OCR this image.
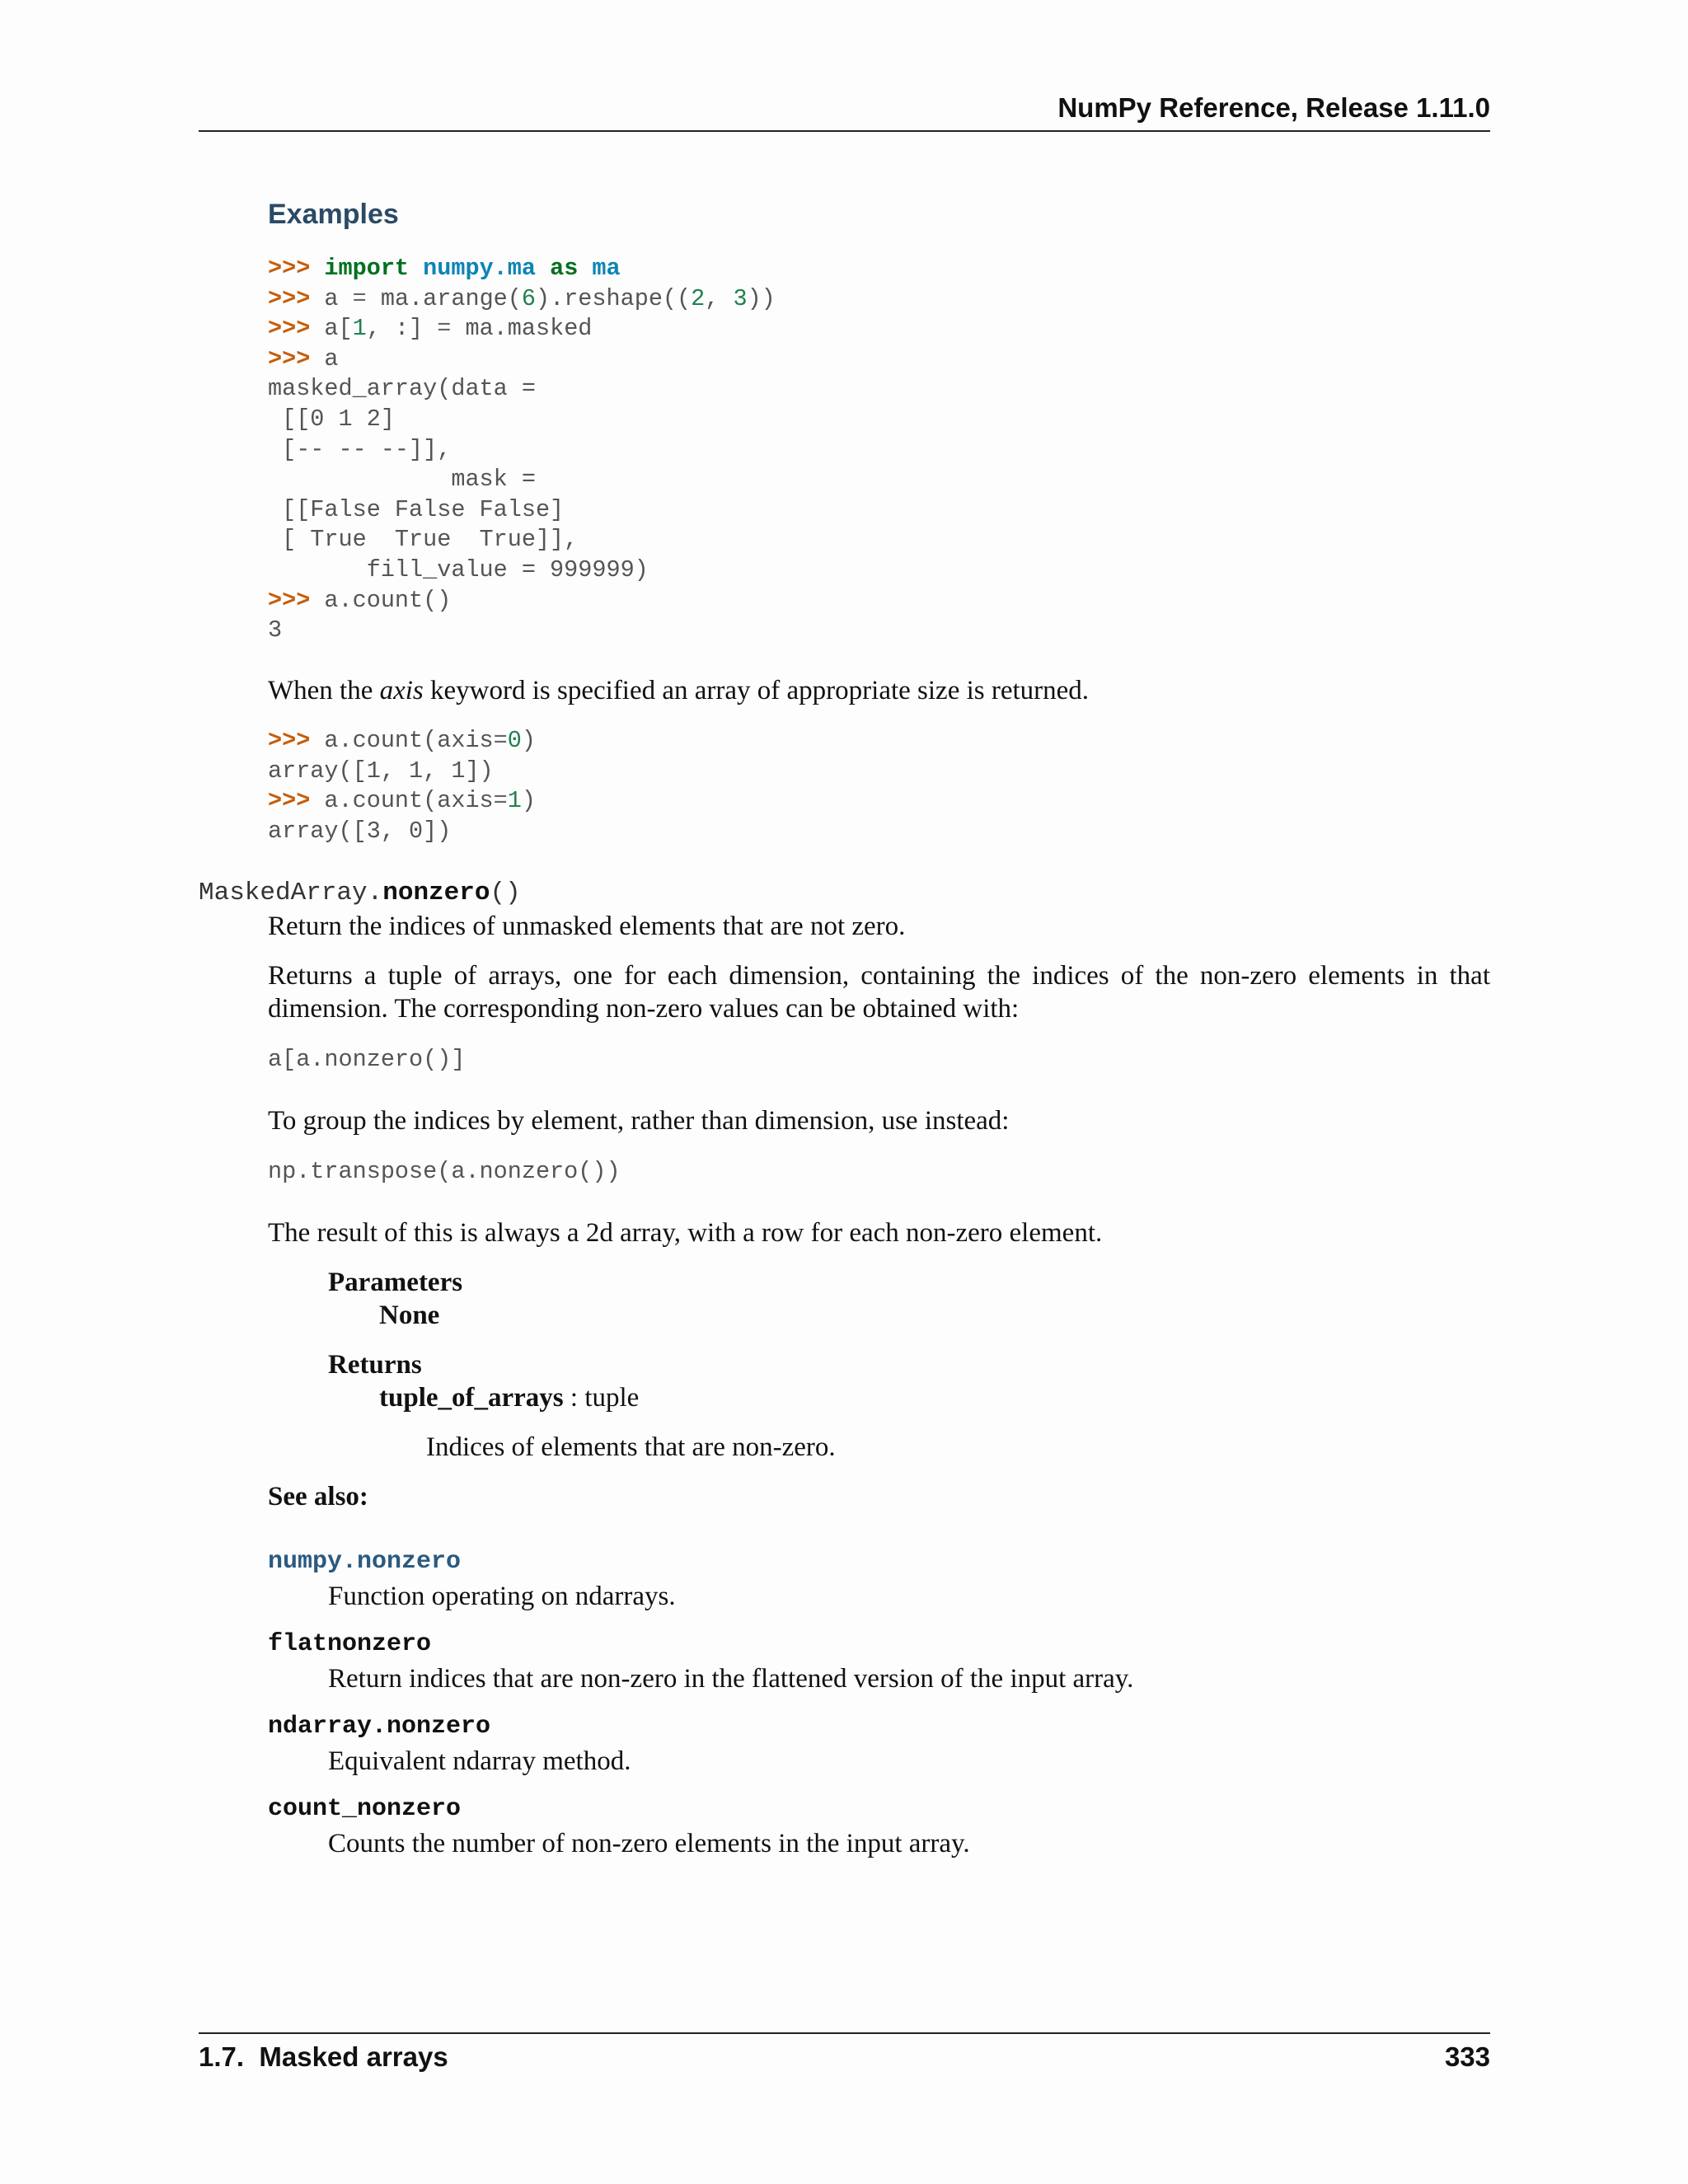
NumPy Reference, Release 1.11.0
Examples
>>> import numpy.ma as ma
>>> a = ma.arange(6).reshape((2, 3))
>>> a[1, :] = ma.masked
>>> a
masked_array(data =
[[0 1 2]
[-- -- --]],
mask =
[[False False False]
[ True  True  True]],
fill_value = 999999)
>>> a.count()
3
When the axis keyword is specified an array of appropriate size is returned.
>>> a.count(axis=0)
array([1, 1, 1])
>>> a.count(axis=1)
array([3, 0])
MaskedArray.nonzero()
Return the indices of unmasked elements that are not zero.
Returns a tuple of arrays, one for each dimension, containing the indices of the non-zero elements in that dimension. The corresponding non-zero values can be obtained with:
a[a.nonzero()]
To group the indices by element, rather than dimension, use instead:
np.transpose(a.nonzero())
The result of this is always a 2d array, with a row for each non-zero element.
Parameters
None
Returns
tuple_of_arrays : tuple
Indices of elements that are non-zero.
See also:
numpy.nonzero
Function operating on ndarrays.
flatnonzero
Return indices that are non-zero in the flattened version of the input array.
ndarray.nonzero
Equivalent ndarray method.
count_nonzero
Counts the number of non-zero elements in the input array.
1.7.  Masked arrays	333
